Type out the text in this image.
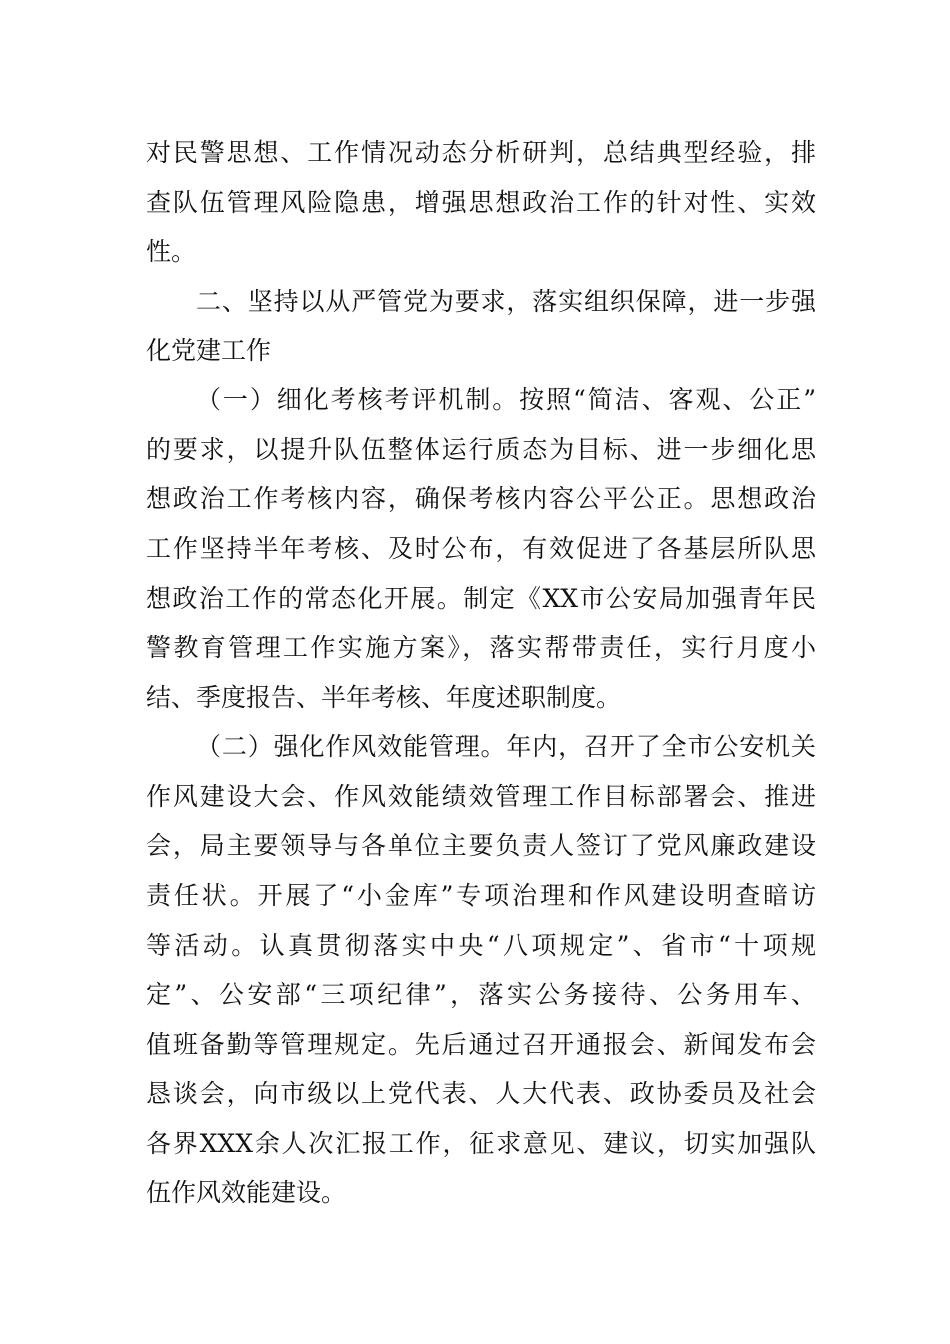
对民警思想、工作情况动态分析研判，总结典型经验，排
查队伍管理风险隐患，增强思想政治工作的针对性、实效
性。
二、坚持以从严管党为要求，落实组织保障，进一步强
化党建工作
（一）细化考核考评机制。按照“简洁、客观、公正”
的要求，以提升队伍整体运行质态为目标、进一步细化思
想政治工作考核内容，确保考核内容公平公正。思想政治
工作坚持半年考核、及时公布，有效促进了各基层所队思
想政治工作的常态化开展。制定《XX市公安局加强青年民
警教育管理工作实施方案》，落实帮带责任，实行月度小
结、季度报告、半年考核、年度述职制度。
（二）强化作风效能管理。年内，召开了全市公安机关
作风建设大会、作风效能绩效管理工作目标部署会、推进
会，局主要领导与各单位主要负责人签订了党风廉政建设
责任状。开展了“小金库”专项治理和作风建设明查暗访
等活动。认真贯彻落实中央“八项规定”、省市“十项规
定”、公安部“三项纪律”，落实公务接待、公务用车、
值班备勤等管理规定。先后通过召开通报会、新闻发布会
恳谈会，向市级以上党代表、人大代表、政协委员及社会
各界XXX余人次汇报工作，征求意见、建议，切实加强队
伍作风效能建设。
